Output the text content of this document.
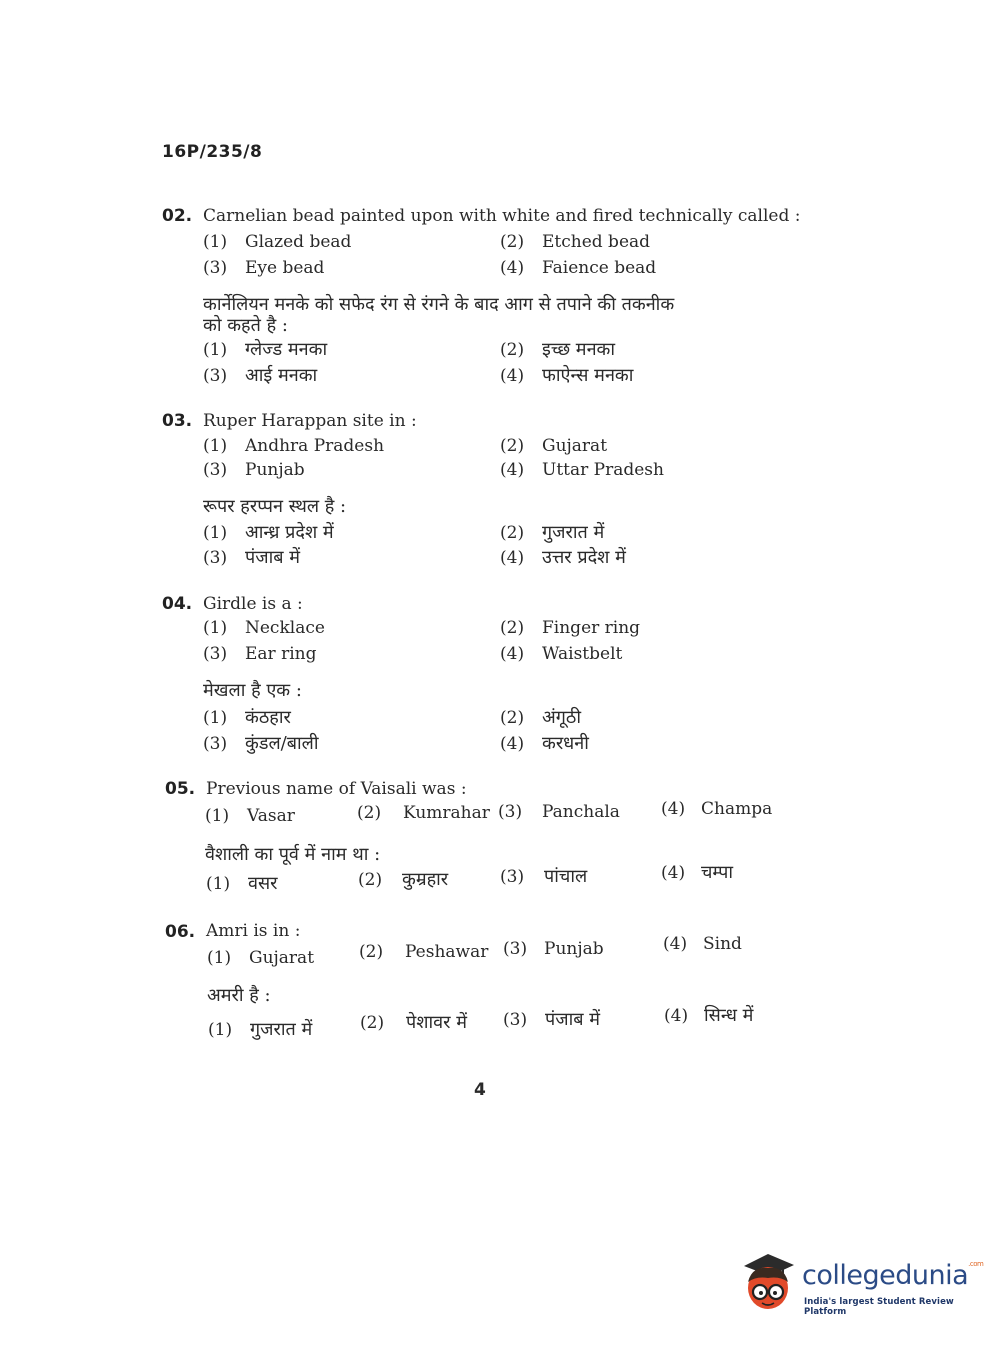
16P/235/8
02. Carnelian bead painted upon with white and fired technically called :
(1) Glazed bead	(2) Etched bead
(3) Eye bead	(4) Faience bead
कार्नेलियन मनके को सफेद रंग से रंगने के बाद आग से तपाने की तकनीक
को कहते है :
(1) ग्लेज्ड मनका	(2) इच्छ मनका
(3) आई मनका	(4) फाऐन्स मनका
03. Ruper Harappan site in :
(1) Andhra Pradesh	(2) Gujarat
(3) Punjab	(4) Uttar Pradesh
रूपर हरप्पन स्थल है :
(1) आन्ध्र प्रदेश में	(2) गुजरात में
(3) पंजाब में	(4) उत्तर प्रदेश में
04. Girdle is a :
(1) Necklace	(2) Finger ring
(3) Ear ring	(4) Waistbelt
मेखला है एक :
(1) कंठहार	(2) अंगूठी
(3) कुंडल/बाली	(4) करधनी
05. Previous name of Vaisali was :
(1) Vasar	(2) Kumrahar (3) Panchala (4) Champa
वैशाली का पूर्व में नाम था :
(1) वसर	(2) कुम्रहार	(3) पांचाल	(4) चम्पा
06. Amri is in :
(1) Gujarat	(2) Peshawar (3) Punjab	(4) Sind
अमरी है :
(1) गुजरात में	(2) पेशावर में (3) पंजाब में	(4) सिन्ध में
4
collegedunia$^{.com}$
India's largest Student Review Platform
